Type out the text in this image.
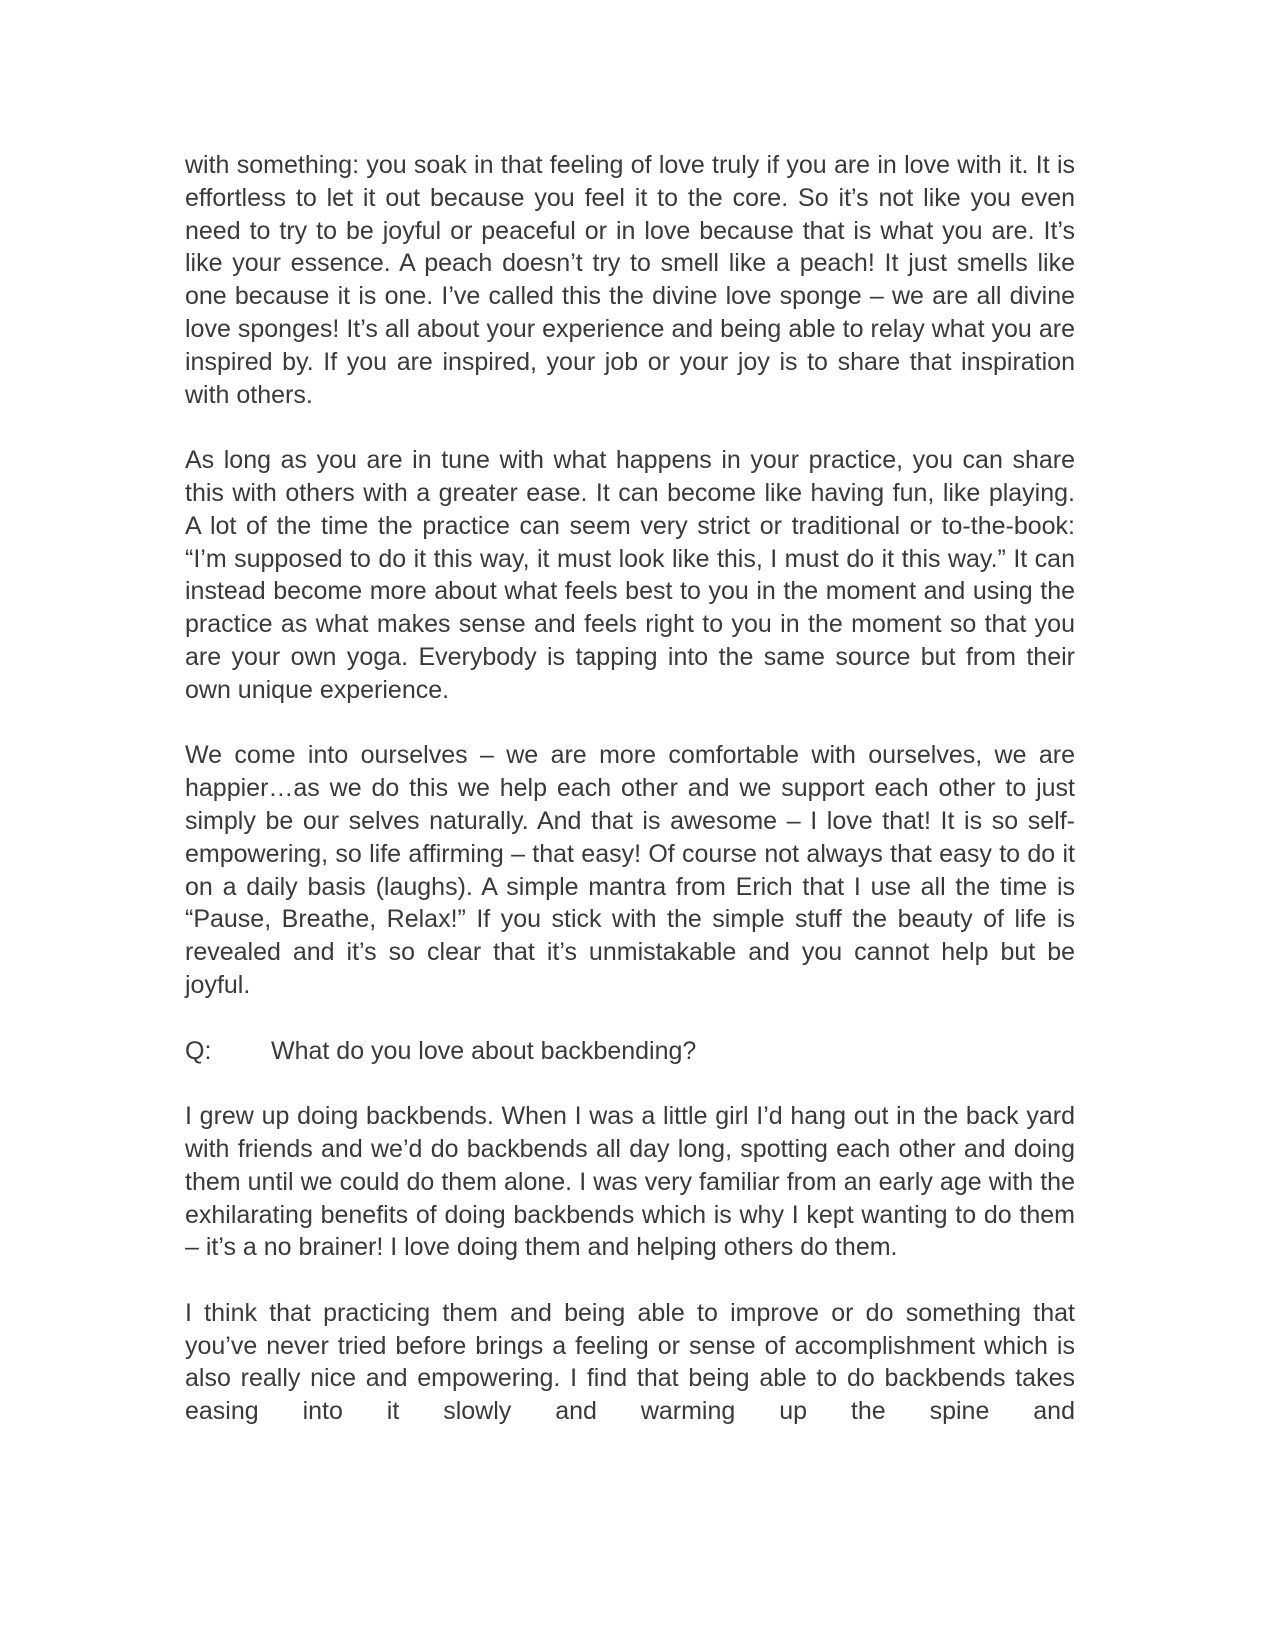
with something: you soak in that feeling of love truly if you are in love with it. It is effortless to let it out because you feel it to the core. So it’s not like you even need to try to be joyful or peaceful or in love because that is what you are. It’s like your essence. A peach doesn’t try to smell like a peach! It just smells like one because it is one. I’ve called this the divine love sponge – we are all divine love sponges! It’s all about your experience and being able to relay what you are inspired by. If you are inspired, your job or your joy is to share that inspiration with others.

As long as you are in tune with what happens in your practice, you can share this with others with a greater ease. It can become like having fun, like playing. A lot of the time the practice can seem very strict or traditional or to-the-book: “I’m supposed to do it this way, it must look like this, I must do it this way.” It can instead become more about what feels best to you in the moment and using the practice as what makes sense and feels right to you in the moment so that you are your own yoga. Everybody is tapping into the same source but from their own unique experience.

We come into ourselves – we are more comfortable with ourselves, we are happier…as we do this we help each other and we support each other to just simply be our selves naturally. And that is awesome – I love that! It is so self-empowering, so life affirming – that easy! Of course not always that easy to do it on a daily basis (laughs). A simple mantra from Erich that I use all the time is “Pause, Breathe, Relax!” If you stick with the simple stuff the beauty of life is revealed and it’s so clear that it’s unmistakable and you cannot help but be joyful.

Q:	What do you love about backbending?

I grew up doing backbends. When I was a little girl I’d hang out in the back yard with friends and we’d do backbends all day long, spotting each other and doing them until we could do them alone. I was very familiar from an early age with the exhilarating benefits of doing backbends which is why I kept wanting to do them – it’s a no brainer! I love doing them and helping others do them.

I think that practicing them and being able to improve or do something that you’ve never tried before brings a feeling or sense of accomplishment which is also really nice and empowering. I find that being able to do backbends takes easing into it slowly and warming up the spine and
